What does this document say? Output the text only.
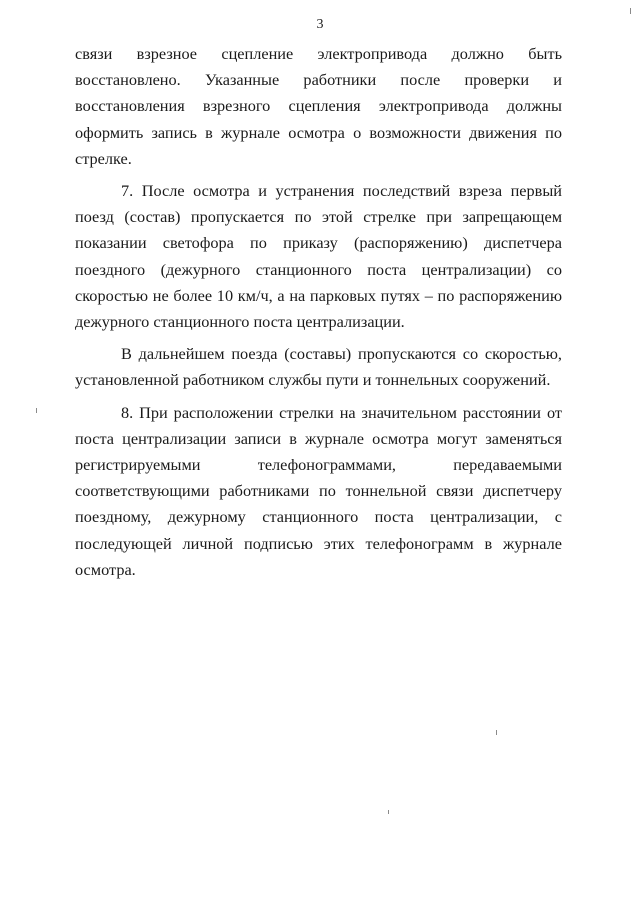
3

связи взрезное сцепление электропривода должно быть восстановлено. Указанные работники после проверки и восстановления взрезного сцепления электропривода должны оформить запись в журнале осмотра о возможности движения по стрелке.

7. После осмотра и устранения последствий взреза первый поезд (состав) пропускается по этой стрелке при запрещающем показании светофора по приказу (распоряжению) диспетчера поездного (дежурного станционного поста централизации) со скоростью не более 10 км/ч, а на парковых путях – по распоряжению дежурного станционного поста централизации.

В дальнейшем поезда (составы) пропускаются со скоростью, установленной работником службы пути и тоннельных сооружений.

8. При расположении стрелки на значительном расстоянии от поста централизации записи в журнале осмотра могут заменяться регистрируемыми телефонограммами, передаваемыми соответствующими работниками по тоннельной связи диспетчеру поездному, дежурному станционного поста централизации, с последующей личной подписью этих телефонограмм в журнале осмотра.
